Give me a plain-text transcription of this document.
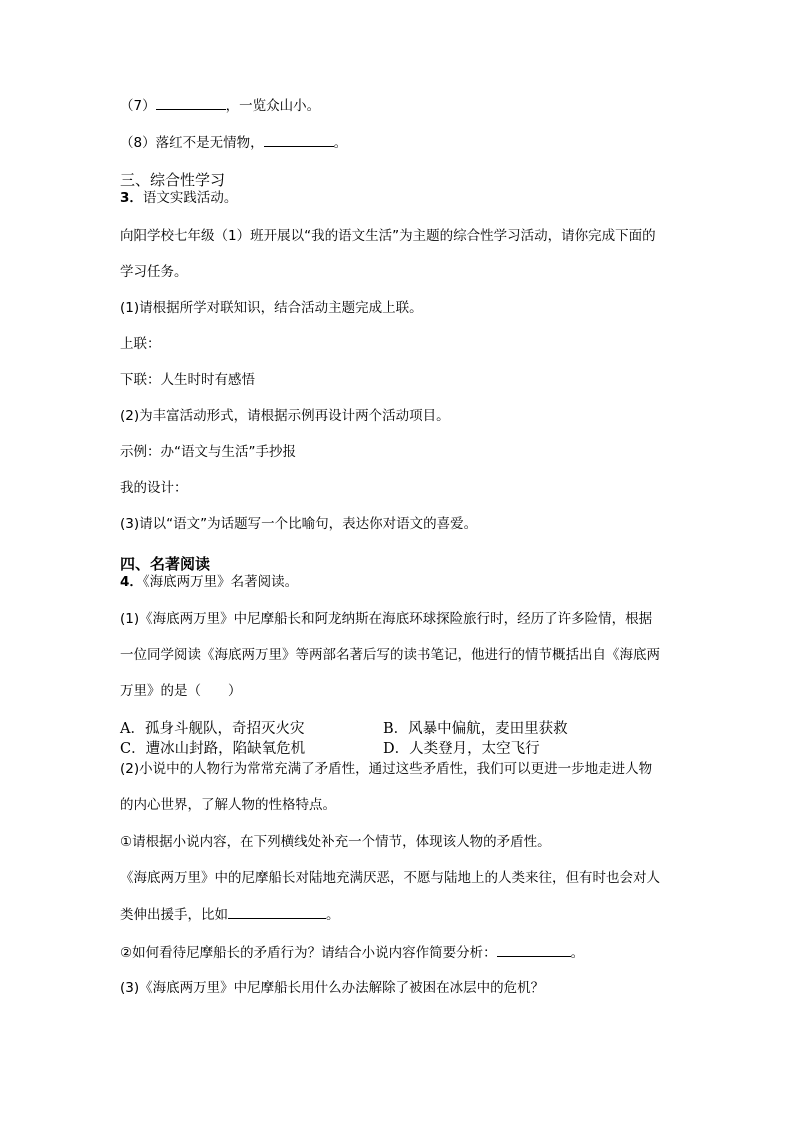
（7）	，一览众山小。
（8）落红不是无情物，	。
三、综合性学习
3．语文实践活动。
向阳学校七年级（1）班开展以“我的语文生活”为主题的综合性学习活动，请你完成下面的
学习任务。
(1)请根据所学对联知识，结合活动主题完成上联。
上联：
下联：人生时时有感悟
(2)为丰富活动形式，请根据示例再设计两个活动项目。
示例：办“语文与生活”手抄报
我的设计：
(3)请以“语文”为话题写一个比喻句，表达你对语文的喜爱。
四、名著阅读
4．《海底两万里》名著阅读。
(1)《海底两万里》中尼摩船长和阿龙纳斯在海底环球探险旅行时，经历了许多险情，根据
一位同学阅读《海底两万里》等两部名著后写的读书笔记，他进行的情节概括出自《海底两
万里》的是（　　）
A．孤身斗舰队，奇招灭火灾	B．风暴中偏航，麦田里获救
C．遭冰山封路，陷缺氧危机	D．人类登月，太空飞行
(2)小说中的人物行为常常充满了矛盾性，通过这些矛盾性，我们可以更进一步地走进人物
的内心世界，了解人物的性格特点。
①请根据小说内容，在下列横线处补充一个情节，体现该人物的矛盾性。
《海底两万里》中的尼摩船长对陆地充满厌恶，不愿与陆地上的人类来往，但有时也会对人
类伸出援手，比如	。
②如何看待尼摩船长的矛盾行为？请结合小说内容作简要分析：	。
(3)《海底两万里》中尼摩船长用什么办法解除了被困在冰层中的危机？
